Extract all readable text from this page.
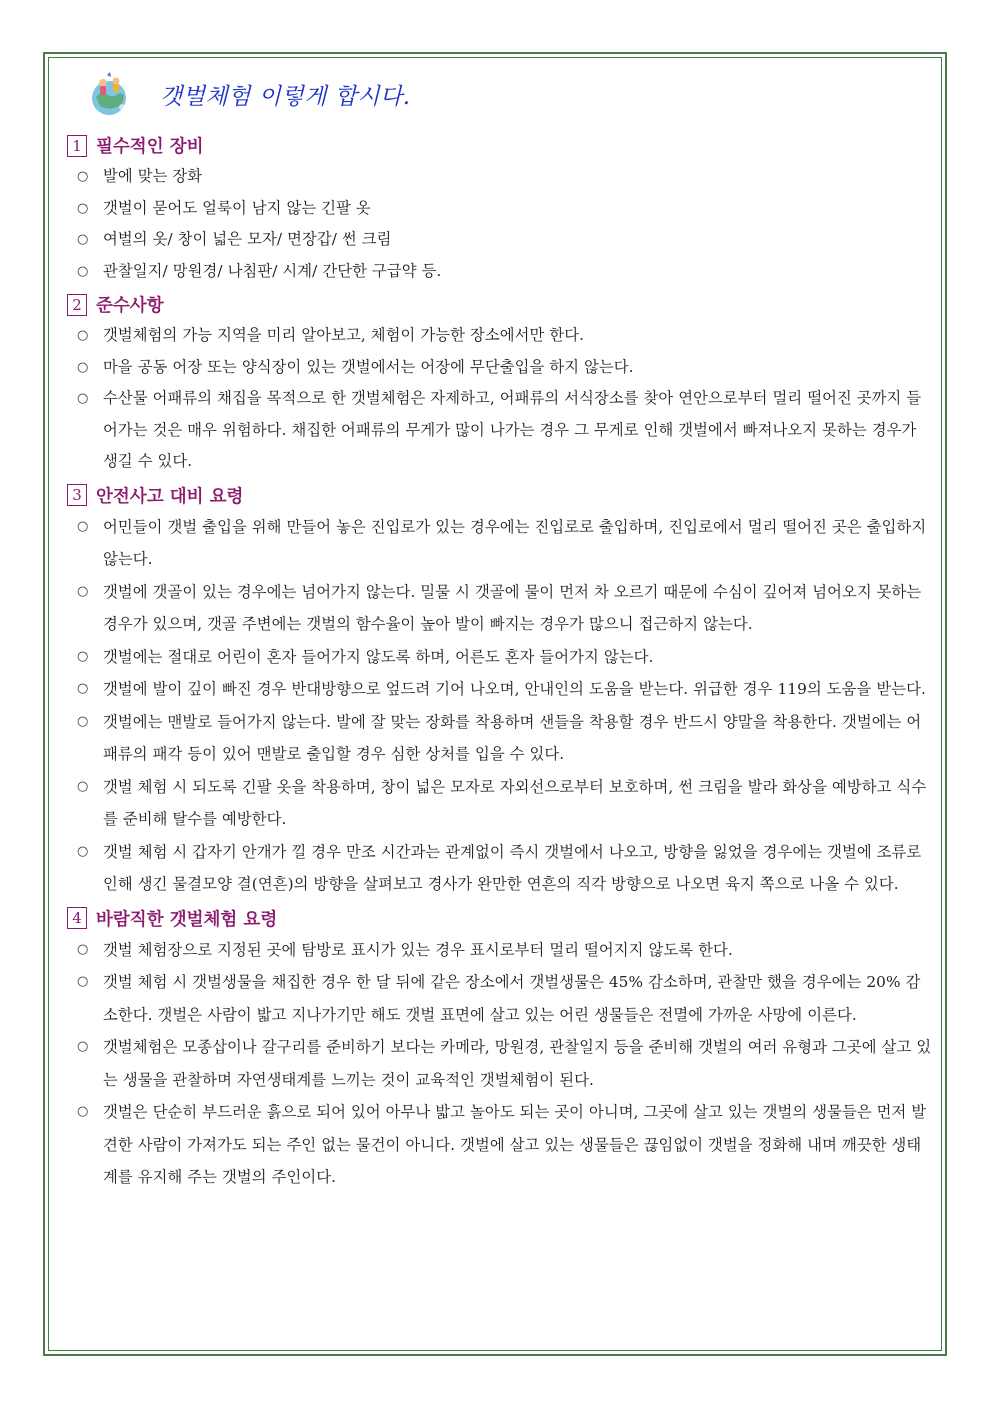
갯벌체험 이렇게 합시다.
1 필수적인 장비
○ 발에 맞는 장화
○ 갯벌이 묻어도 얼룩이 남지 않는 긴팔 옷
○ 여벌의 옷/ 창이 넓은 모자/ 면장갑/ 썬 크림
○ 관찰일지/ 망원경/ 나침판/ 시계/ 간단한 구급약 등.
2 준수사항
○ 갯벌체험의 가능 지역을 미리 알아보고, 체험이 가능한 장소에서만 한다.
○ 마을 공동 어장 또는 양식장이 있는 갯벌에서는 어장에 무단출입을 하지 않는다.
○ 수산물 어패류의 채집을 목적으로 한 갯벌체험은 자제하고, 어패류의 서식장소를 찾아 연안으로부터 멀리 떨어진 곳까지 들어가는 것은 매우 위험하다. 채집한 어패류의 무게가 많이 나가는 경우 그 무게로 인해 갯벌에서 빠져나오지 못하는 경우가 생길 수 있다.
3 안전사고 대비 요령
○ 어민들이 갯벌 출입을 위해 만들어 놓은 진입로가 있는 경우에는 진입로로 출입하며, 진입로에서 멀리 떨어진 곳은 출입하지 않는다.
○ 갯벌에 갯골이 있는 경우에는 넘어가지 않는다. 밀물 시 갯골에 물이 먼저 차 오르기 때문에 수심이 깊어져 넘어오지 못하는 경우가 있으며, 갯골 주변에는 갯벌의 함수율이 높아 발이 빠지는 경우가 많으니 접근하지 않는다.
○ 갯벌에는 절대로 어린이 혼자 들어가지 않도록 하며, 어른도 혼자 들어가지 않는다.
○ 갯벌에 발이 깊이 빠진 경우 반대방향으로 엎드려 기어 나오며, 안내인의 도움을 받는다. 위급한 경우 119의 도움을 받는다.
○ 갯벌에는 맨발로 들어가지 않는다. 발에 잘 맞는 장화를 착용하며 샌들을 착용할 경우 반드시 양말을 착용한다. 갯벌에는 어패류의 패각 등이 있어 맨발로 출입할 경우 심한 상처를 입을 수 있다.
○ 갯벌 체험 시 되도록 긴팔 옷을 착용하며, 창이 넓은 모자로 자외선으로부터 보호하며, 썬 크림을 발라 화상을 예방하고 식수를 준비해 탈수를 예방한다.
○ 갯벌 체험 시 갑자기 안개가 낄 경우 만조 시간과는 관계없이 즉시 갯벌에서 나오고, 방향을 잃었을 경우에는 갯벌에 조류로 인해 생긴 물결모양 결(연흔)의 방향을 살펴보고 경사가 완만한 연흔의 직각 방향으로 나오면 육지 쪽으로 나올 수 있다.
4 바람직한 갯벌체험 요령
○ 갯벌 체험장으로 지정된 곳에 탐방로 표시가 있는 경우 표시로부터 멀리 떨어지지 않도록 한다.
○ 갯벌 체험 시 갯벌생물을 채집한 경우 한 달 뒤에 같은 장소에서 갯벌생물은 45% 감소하며, 관찰만 했을 경우에는 20% 감소한다. 갯벌은 사람이 밟고 지나가기만 해도 갯벌 표면에 살고 있는 어린 생물들은 전멸에 가까운 사망에 이른다.
○ 갯벌체험은 모종삽이나 갈구리를 준비하기 보다는 카메라, 망원경, 관찰일지 등을 준비해 갯벌의 여러 유형과 그곳에 살고 있는 생물을 관찰하며 자연생태계를 느끼는 것이 교육적인 갯벌체험이 된다.
○ 갯벌은 단순히 부드러운 흙으로 되어 있어 아무나 밟고 놀아도 되는 곳이 아니며, 그곳에 살고 있는 갯벌의 생물들은 먼저 발견한 사람이 가져가도 되는 주인 없는 물건이 아니다. 갯벌에 살고 있는 생물들은 끊임없이 갯벌을 정화해 내며 깨끗한 생태계를 유지해 주는 갯벌의 주인이다.
